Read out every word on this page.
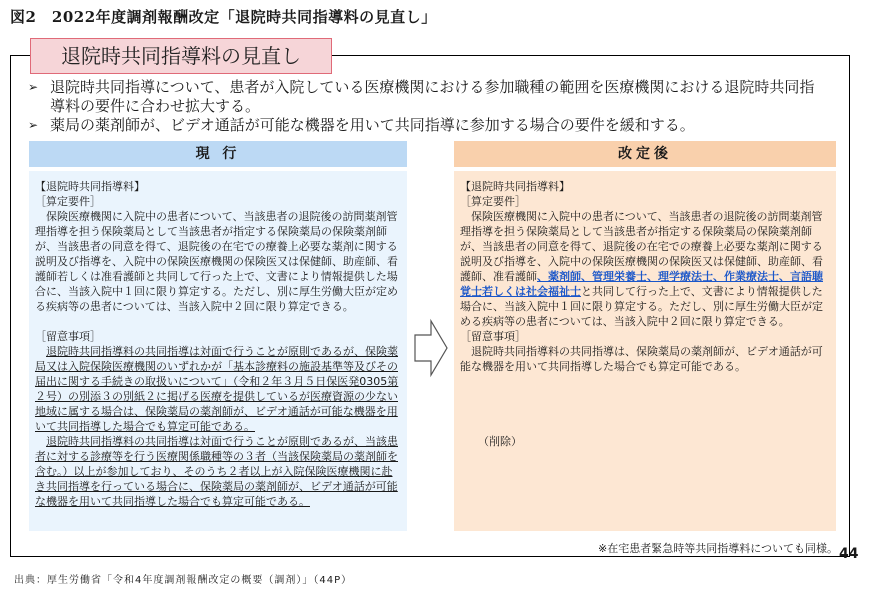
図2　2022年度調剤報酬改定「退院時共同指導料の見直し」
退院時共同指導料の見直し
➢ 退院時共同指導について、患者が入院している医療機関における参加職種の範囲を医療機関における退院時共同指導料の要件に合わせ拡大する。
➢ 薬局の薬剤師が、ビデオ通話が可能な機器を用いて共同指導に参加する場合の要件を緩和する。
現 行

【退院時共同指導料】

［算定要件］

保険医療機関に入院中の患者について、当該患者の退院後の訪問薬剤管理指導を担う保険薬局として当該患者が指定する保険薬局の保険薬剤師が、当該患者の同意を得て、退院後の在宅での療養上必要な薬剤に関する説明及び指導を、入院中の保険医療機関の保険医又は保健師、助産師、看護師若しくは准看護師と共同して行った上で、文書により情報提供した場合に、当該入院中１回に限り算定する。ただし、別に厚生労働大臣が定める疾病等の患者については、当該入院中２回に限り算定できる。

［留意事項］

退院時共同指導料の共同指導は対面で行うことが原則であるが、保険薬局又は入院保険医療機関のいずれかが「基本診療料の施設基準等及びその届出に関する手続きの取扱いについて」（令和２年３月５日保医発0305第２号）の別添３の別紙２に掲げる医療を提供しているが医療資源の少ない地域に属する場合は、保険薬局の薬剤師が、ビデオ通話が可能な機器を用いて共同指導した場合でも算定可能である。

退院時共同指導料の共同指導は対面で行うことが原則であるが、当該患者に対する診療等を行う医療関係職種等の３者（当該保険薬局の薬剤師を含む。）以上が参加しており、そのうち２者以上が入院保険医療機関に赴き共同指導を行っている場合に、保険薬局の薬剤師が、ビデオ通話が可能な機器を用いて共同指導した場合でも算定可能である。

改定後

【退院時共同指導料】

［算定要件］

保険医療機関に入院中の患者について、当該患者の退院後の訪問薬剤管理指導を担う保険薬局として当該患者が指定する保険薬局の保険薬剤師が、当該患者の同意を得て、退院後の在宅での療養上必要な薬剤に関する説明及び指導を、入院中の保険医療機関の保険医又は保健師、助産師、看護師、准看護師、薬剤師、管理栄養士、理学療法士、作業療法士、言語聴覚士若しくは社会福祉士と共同して行った上で、文書により情報提供した場合に、当該入院中１回に限り算定する。ただし、別に厚生労働大臣が定める疾病等の患者については、当該入院中２回に限り算定できる。

［留意事項］

退院時共同指導料の共同指導は、保険薬局の薬剤師が、ビデオ通話が可能な機器を用いて共同指導した場合でも算定可能である。

（削除）

※在宅患者緊急時等共同指導料についても同様。 44
出典：厚生労働省「令和4年度調剤報酬改定の概要（調剤）」（44P）
